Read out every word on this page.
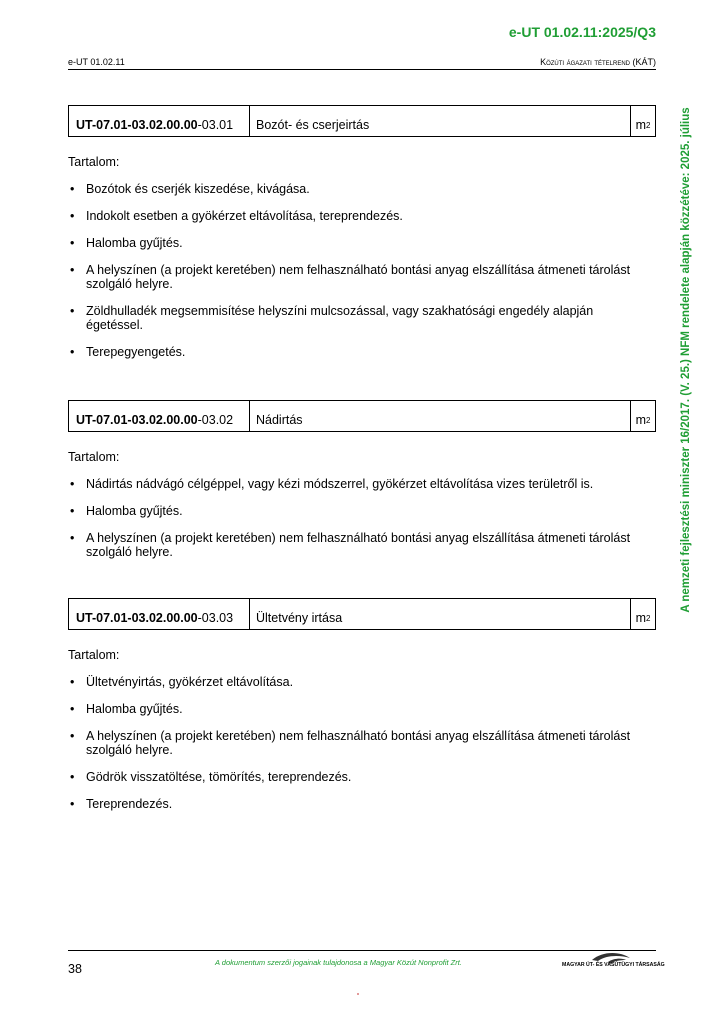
e-UT 01.02.11:2025/Q3
e-UT 01.02.11	Közúti ágazati tételrend (KÁT)
A nemzeti fejlesztési miniszter 16/2017. (V. 25.) NFM rendelete alapján közzétéve: 2025. július
UT-07.01-03.02.00.00 -03.01	Bozót- és cserjeirtás	m 2
Tartalom:
• Bozótok és cserjék kiszedése, kivágása.
• Indokolt esetben a gyökérzet eltávolítása, tereprendezés.
• Halomba gyűjtés.
• A helyszínen (a projekt keretében) nem felhasználható bontási anyag elszállítása átmeneti tárolást szolgáló helyre.
• Zöldhulladék megsemmisítése helyszíni mulcsozással, vagy szakhatósági engedély alapján égetéssel.
• Terepegyengetés.
UT-07.01-03.02.00.00 -03.02	Nádirtás	m 2
Tartalom:
• Nádirtás nádvágó célgéppel, vagy kézi módszerrel, gyökérzet eltávolítása vizes területről is.
• Halomba gyűjtés.
• A helyszínen (a projekt keretében) nem felhasználható bontási anyag elszállítása átmeneti tárolást szolgáló helyre.
UT-07.01-03.02.00.00 -03.03	Ültetvény irtása	m 2
Tartalom:
• Ültetvényirtás, gyökérzet eltávolítása.
• Halomba gyűjtés.
• A helyszínen (a projekt keretében) nem felhasználható bontási anyag elszállítása átmeneti tárolást szolgáló helyre.
• Gödrök visszatöltése, tömörítés, tereprendezés.
• Tereprendezés.
38	A dokumentum szerzői jogainak tulajdonosa a Magyar Közút Nonprofit Zrt.	MAGYAR ÚT- ÉS VASÚTÜGYI TÁRSASÁG
